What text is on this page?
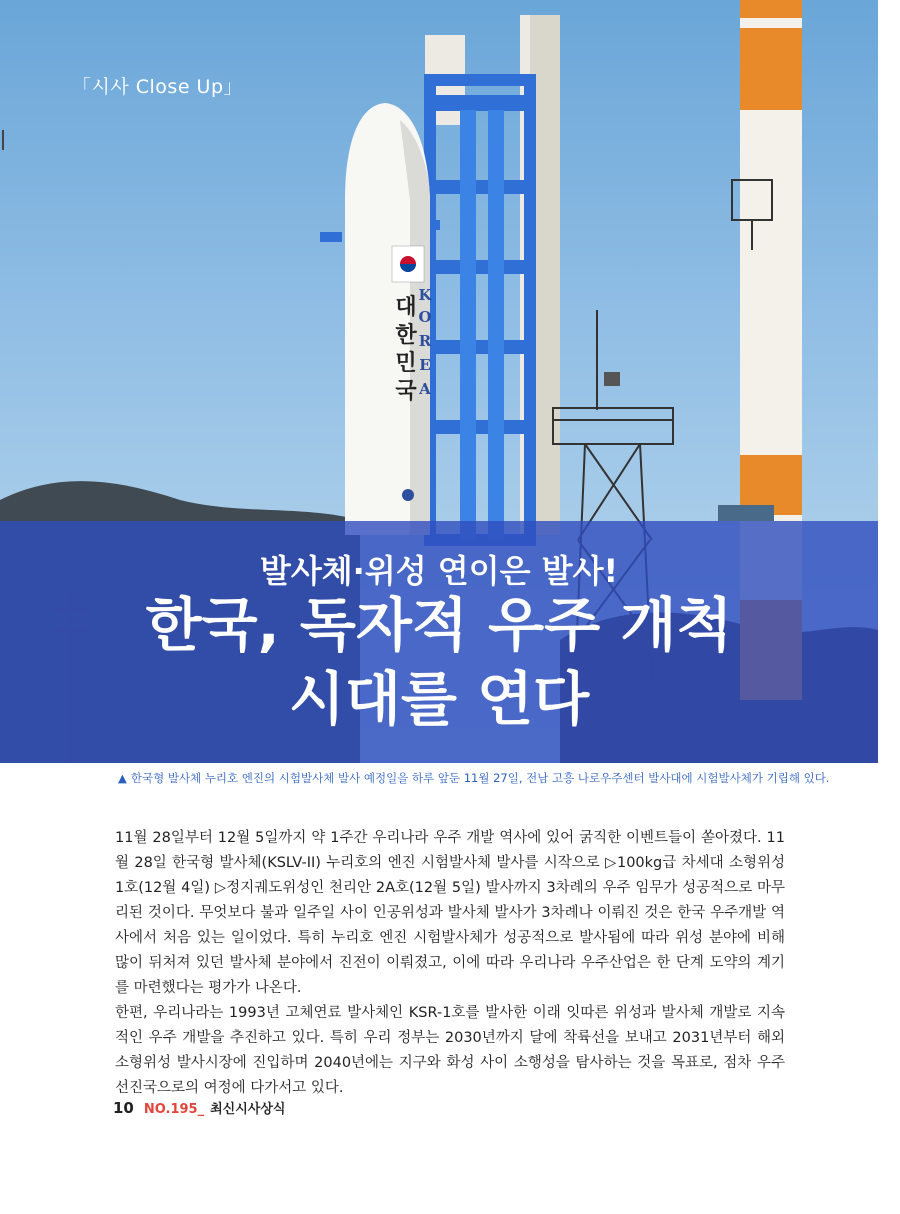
대
한
민
국
K
O
R
E
A
「시사 Close Up」
발사체·위성 연이은 발사!
한국, 독자적 우주 개척
시대를 연다
▲ 한국형 발사체 누리호 엔진의 시험발사체 발사 예정일을 하루 앞둔 11월 27일, 전남 고흥 나로우주센터 발사대에 시험발사체가 기립해 있다.

11월 28일부터 12월 5일까지 약 1주간 우리나라 우주 개발 역사에 있어 굵직한 이벤트들이 쏟아졌다. 11월 28일 한국형 발사체(KSLV-II) 누리호의 엔진 시험발사체 발사를 시작으로 ▷100kg급 차세대 소형위성 1호(12월 4일) ▷정지궤도위성인 천리안 2A호(12월 5일) 발사까지 3차례의 우주 임무가 성공적으로 마무리된 것이다. 무엇보다 불과 일주일 사이 인공위성과 발사체 발사가 3차례나 이뤄진 것은 한국 우주개발 역사에서 처음 있는 일이었다. 특히 누리호 엔진 시험발사체가 성공적으로 발사됨에 따라 위성 분야에 비해 많이 뒤처져 있던 발사체 분야에서 진전이 이뤄졌고, 이에 따라 우리나라 우주산업은 한 단계 도약의 계기를 마련했다는 평가가 나온다.

한편, 우리나라는 1993년 고체연료 발사체인 KSR-1호를 발사한 이래 잇따른 위성과 발사체 개발로 지속적인 우주 개발을 추진하고 있다. 특히 우리 정부는 2030년까지 달에 착륙선을 보내고 2031년부터 해외 소형위성 발사시장에 진입하며 2040년에는 지구와 화성 사이 소행성을 탐사하는 것을 목표로, 점차 우주 선진국으로의 여정에 다가서고 있다.

10 NO.195_ 최신시사상식
